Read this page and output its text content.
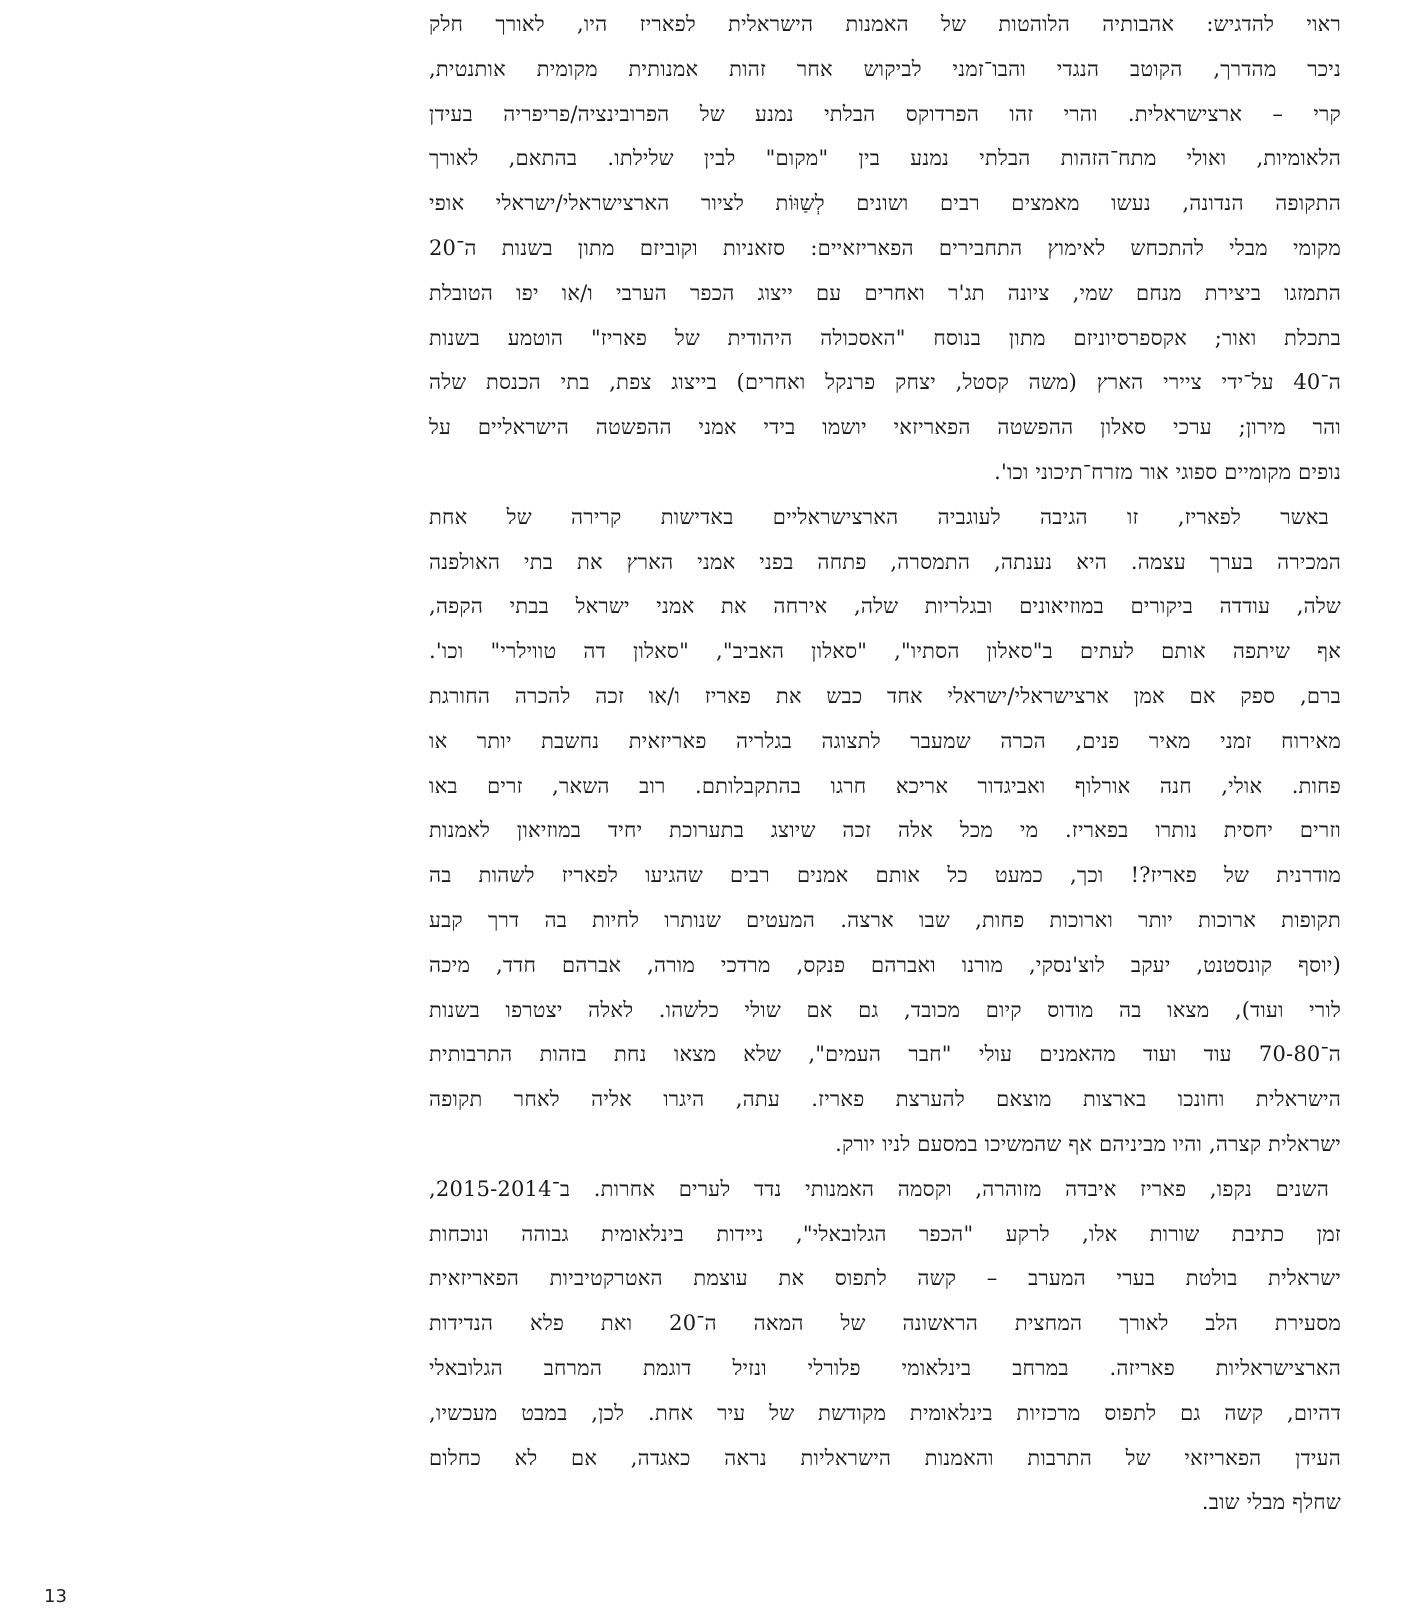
ראוי להדגיש: אהבותיה הלוהטות של האמנות הישראלית לפאריז היו, לאורך חלק
ניכר מהדרך, הקוטב הנגדי והבו־זמני לביקוש אחר זהות אמנותית מקומית אותנטית,
קרי – ארצישראלית. והרי זהו הפרדוקס הבלתי נמנע של הפרובינציה/פריפריה בעידן
הלאומיות, ואולי מתח־הזהות הבלתי נמנע בין "מקום" לבין שלילתו. בהתאם, לאורך
התקופה הנדונה, נעשו מאמצים רבים ושונים לְשַוּוֹת לציור הארצישראלי/ישראלי אופי
מקומי מבלי להתכחש לאימוץ התחבירים הפאריזאיים: סזאניות וקוביזם מתון בשנות ה־20
התמזגו ביצירת מנחם שמי, ציונה תג'ר ואחרים עם ייצוג הכפר הערבי ו/או יפו הטובלת
בתכלת ואור; אקספרסיוניזם מתון בנוסח "האסכולה היהודית של פאריז" הוטמע בשנות
ה־40 על־ידי ציירי הארץ (משה קסטל, יצחק פרנקל ואחרים) בייצוג צפת, בתי הכנסת שלה
והר מירון; ערכי סאלון ההפשטה הפאריזאי יושמו בידי אמני ההפשטה הישראליים על
נופים מקומיים ספוגי אור מזרח־תיכוני וכו'.
באשר לפאריז, זו הגיבה לעוגביה הארצישראליים באדישות קרירה של אחת
המכירה בערך עצמה. היא נענתה, התמסרה, פתחה בפני אמני הארץ את בתי האולפנה
שלה, עודדה ביקורים במוזיאונים ובגלריות שלה, אירחה את אמני ישראל בבתי הקפה,
אף שיתפה אותם לעתים ב"סאלון הסתיו", "סאלון האביב", "סאלון דה טווילרי" וכו'.
ברם, ספק אם אמן ארצישראלי/ישראלי אחד כבש את פאריז ו/או זכה להכרה החורגת
מאירוח זמני מאיר פנים, הכרה שמעבר לתצוגה בגלריה פאריזאית נחשבת יותר או
פחות. אולי, חנה אורלוף ואביגדור אריכא חרגו בהתקבלותם. רוב השאר, זרים באו
וזרים יחסית נותרו בפאריז. מי מכל אלה זכה שיוצג בתערוכת יחיד במוזיאון לאמנות
מודרנית של פאריז?! וכך, כמעט כל אותם אמנים רבים שהגיעו לפאריז לשהות בה
תקופות ארוכות יותר וארוכות פחות, שבו ארצה. המעטים שנותרו לחיות בה דרך קבע
(יוסף קונסטנט, יעקב לוצ'נסקי, מורנו ואברהם פנקס, מרדכי מורה, אברהם חדד, מיכה
לורי ועוד), מצאו בה מודוס קיום מכובד, גם אם שולי כלשהו. לאלה יצטרפו בשנות
ה־70-80 עוד ועוד מהאמנים עולי "חבר העמים", שלא מצאו נחת בזהות התרבותית
הישראלית וחונכו בארצות מוצאם להערצת פאריז. עתה, היגרו אליה לאחר תקופה
ישראלית קצרה, והיו מביניהם אף שהמשיכו במסעם לניו יורק.
השנים נקפו, פאריז איבדה מזוהרה, וקסמה האמנותי נדד לערים אחרות. ב־2015-2014,
זמן כתיבת שורות אלו, לרקע "הכפר הגלובאלי", ניידות בינלאומית גבוהה ונוכחות
ישראלית בולטת בערי המערב – קשה לתפוס את עוצמת האטרקטיביות הפאריזאית
מסעירת הלב לאורך המחצית הראשונה של המאה ה־20 ואת פלא הנדידות
הארצישראליות פאריזה. במרחב בינלאומי פלורלי ונזיל דוגמת המרחב הגלובאלי
דהיום, קשה גם לתפוס מרכזיות בינלאומית מקודשת של עיר אחת. לכן, במבט מעכשיו,
העידן הפאריזאי של התרבות והאמנות הישראליות נראה כאגדה, אם לא כחלום
שחלף מבלי שוב.
13
